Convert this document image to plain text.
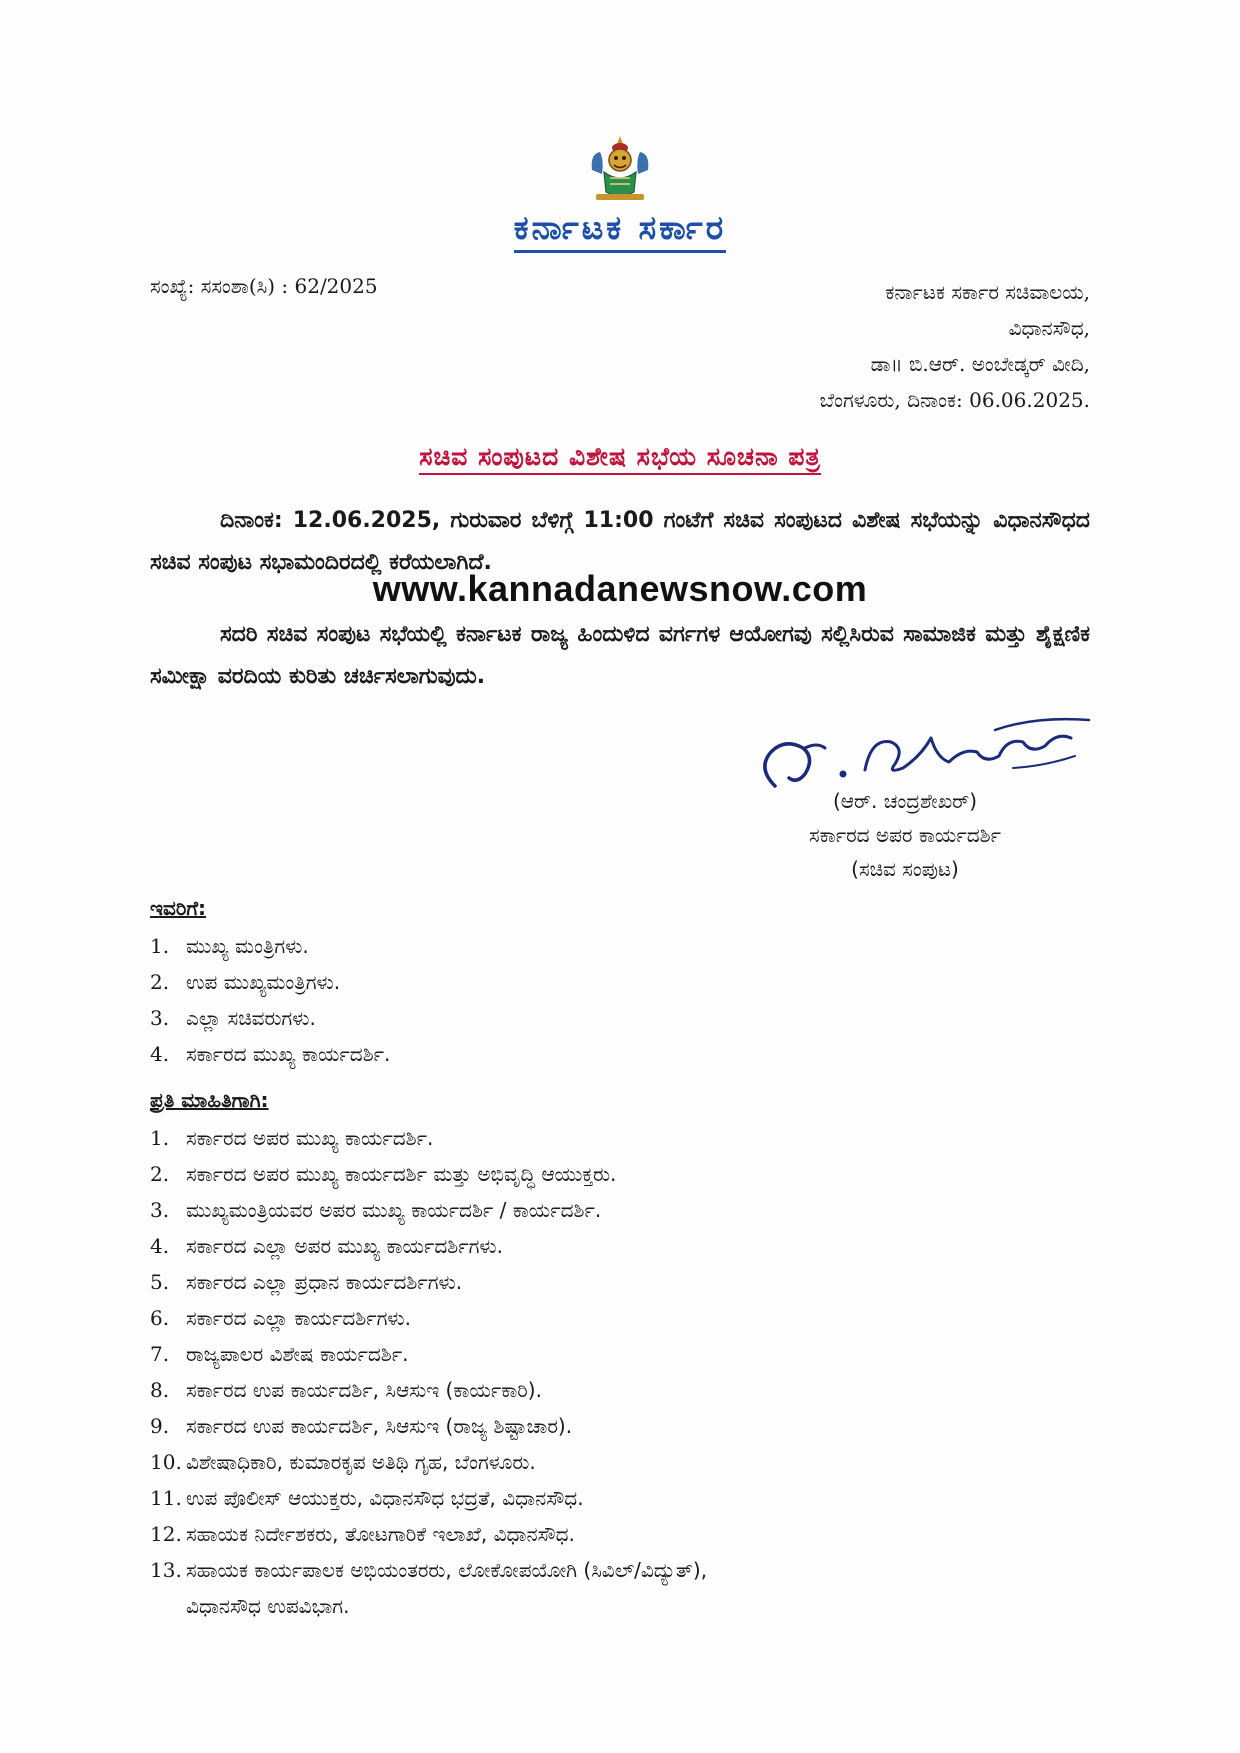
ಕರ್ನಾಟಕ ಸರ್ಕಾರ
ಸಂಖ್ಯೆ: ಸಸಂಶಾ(ಸಿ) : 62/2025	ಕರ್ನಾಟಕ ಸರ್ಕಾರ ಸಚಿವಾಲಯ,
ವಿಧಾನಸೌಧ,
ಡಾ॥ ಬಿ.ಆರ್. ಅಂಬೇಡ್ಕರ್ ವೀದಿ,
ಬೆಂಗಳೂರು, ದಿನಾಂಕ: 06.06.2025.
ಸಚಿವ ಸಂಪುಟದ ವಿಶೇಷ ಸಭೆಯ ಸೂಚನಾ ಪತ್ರ
ದಿನಾಂಕ: 12.06.2025, ಗುರುವಾರ ಬೆಳಿಗ್ಗೆ 11:00 ಗಂಟೆಗೆ ಸಚಿವ ಸಂಪುಟದ ವಿಶೇಷ ಸಭೆಯನ್ನು ವಿಧಾನಸೌಧದ ಸಚಿವ ಸಂಪುಟ ಸಭಾಮಂದಿರದಲ್ಲಿ ಕರೆಯಲಾಗಿದೆ.
www.kannadanewsnow.com
ಸದರಿ ಸಚಿವ ಸಂಪುಟ ಸಭೆಯಲ್ಲಿ ಕರ್ನಾಟಕ ರಾಜ್ಯ ಹಿಂದುಳಿದ ವರ್ಗಗಳ ಆಯೋಗವು ಸಲ್ಲಿಸಿರುವ ಸಾಮಾಜಿಕ ಮತ್ತು ಶೈಕ್ಷಣಿಕ ಸಮೀಕ್ಷಾ ವರದಿಯ ಕುರಿತು ಚರ್ಚಿಸಲಾಗುವುದು.
(ಆರ್. ಚಂದ್ರಶೇಖರ್)
ಸರ್ಕಾರದ ಅಪರ ಕಾರ್ಯದರ್ಶಿ
(ಸಚಿವ ಸಂಪುಟ)
ಇವರಿಗೆ:
1. ಮುಖ್ಯ ಮಂತ್ರಿಗಳು.
2. ಉಪ ಮುಖ್ಯಮಂತ್ರಿಗಳು.
3. ಎಲ್ಲಾ ಸಚಿವರುಗಳು.
4. ಸರ್ಕಾರದ ಮುಖ್ಯ ಕಾರ್ಯದರ್ಶಿ.
ಪ್ರತಿ ಮಾಹಿತಿಗಾಗಿ:
1. ಸರ್ಕಾರದ ಅಪರ ಮುಖ್ಯ ಕಾರ್ಯದರ್ಶಿ.
2. ಸರ್ಕಾರದ ಅಪರ ಮುಖ್ಯ ಕಾರ್ಯದರ್ಶಿ ಮತ್ತು ಅಭಿವೃದ್ಧಿ ಆಯುಕ್ತರು.
3. ಮುಖ್ಯಮಂತ್ರಿಯವರ ಅಪರ ಮುಖ್ಯ ಕಾರ್ಯದರ್ಶಿ / ಕಾರ್ಯದರ್ಶಿ.
4. ಸರ್ಕಾರದ ಎಲ್ಲಾ ಅಪರ ಮುಖ್ಯ ಕಾರ್ಯದರ್ಶಿಗಳು.
5. ಸರ್ಕಾರದ ಎಲ್ಲಾ ಪ್ರಧಾನ ಕಾರ್ಯದರ್ಶಿಗಳು.
6. ಸರ್ಕಾರದ ಎಲ್ಲಾ ಕಾರ್ಯದರ್ಶಿಗಳು.
7. ರಾಜ್ಯಪಾಲರ ವಿಶೇಷ ಕಾರ್ಯದರ್ಶಿ.
8. ಸರ್ಕಾರದ ಉಪ ಕಾರ್ಯದರ್ಶಿ, ಸಿಆಸುಇ (ಕಾರ್ಯಕಾರಿ).
9. ಸರ್ಕಾರದ ಉಪ ಕಾರ್ಯದರ್ಶಿ, ಸಿಆಸುಇ (ರಾಜ್ಯ ಶಿಷ್ಟಾಚಾರ).
10. ವಿಶೇಷಾಧಿಕಾರಿ, ಕುಮಾರಕೃಪ ಅತಿಥಿ ಗೃಹ, ಬೆಂಗಳೂರು.
11. ಉಪ ಪೊಲೀಸ್ ಆಯುಕ್ತರು, ವಿಧಾನಸೌಧ ಭದ್ರತೆ, ವಿಧಾನಸೌಧ.
12. ಸಹಾಯಕ ನಿರ್ದೇಶಕರು, ತೋಟಗಾರಿಕೆ ಇಲಾಖೆ, ವಿಧಾನಸೌಧ.
13. ಸಹಾಯಕ ಕಾರ್ಯಪಾಲಕ ಅಭಿಯಂತರರು, ಲೋಕೋಪಯೋಗಿ (ಸಿವಿಲ್/ವಿದ್ಯುತ್),
ವಿಧಾನಸೌಧ ಉಪವಿಭಾಗ.
